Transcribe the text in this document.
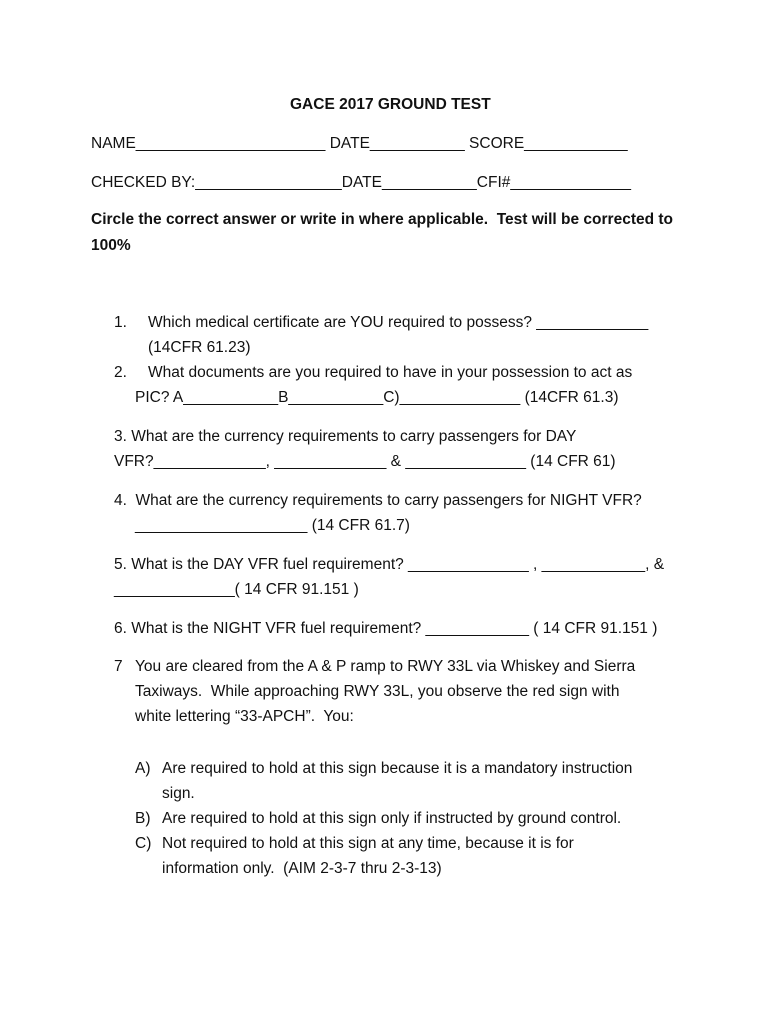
GACE 2017 GROUND TEST
NAME______________________ DATE___________ SCORE____________
CHECKED BY:_________________DATE___________CFI#______________
Circle the correct answer or write in where applicable.  Test will be corrected to
100%
1. Which medical certificate are YOU required to possess? _____________
(14CFR 61.23)
2. What documents are you required to have in your possession to act as
PIC? A___________B___________C)______________ (14CFR 61.3)
3. What are the currency requirements to carry passengers for DAY
VFR?_____________, _____________ & ______________ (14 CFR 61)
4.  What are the currency requirements to carry passengers for NIGHT VFR?
____________________ (14 CFR 61.7)
5. What is the DAY VFR fuel requirement? ______________ , ____________, &
______________( 14 CFR 91.151 )
6. What is the NIGHT VFR fuel requirement? ____________ ( 14 CFR 91.151 )
7 You are cleared from the A & P ramp to RWY 33L via Whiskey and Sierra
Taxiways.  While approaching RWY 33L, you observe the red sign with
white lettering “33-APCH”.  You:
A) Are required to hold at this sign because it is a mandatory instruction
sign.
B) Are required to hold at this sign only if instructed by ground control.
C) Not required to hold at this sign at any time, because it is for
information only.  (AIM 2-3-7 thru 2-3-13)
